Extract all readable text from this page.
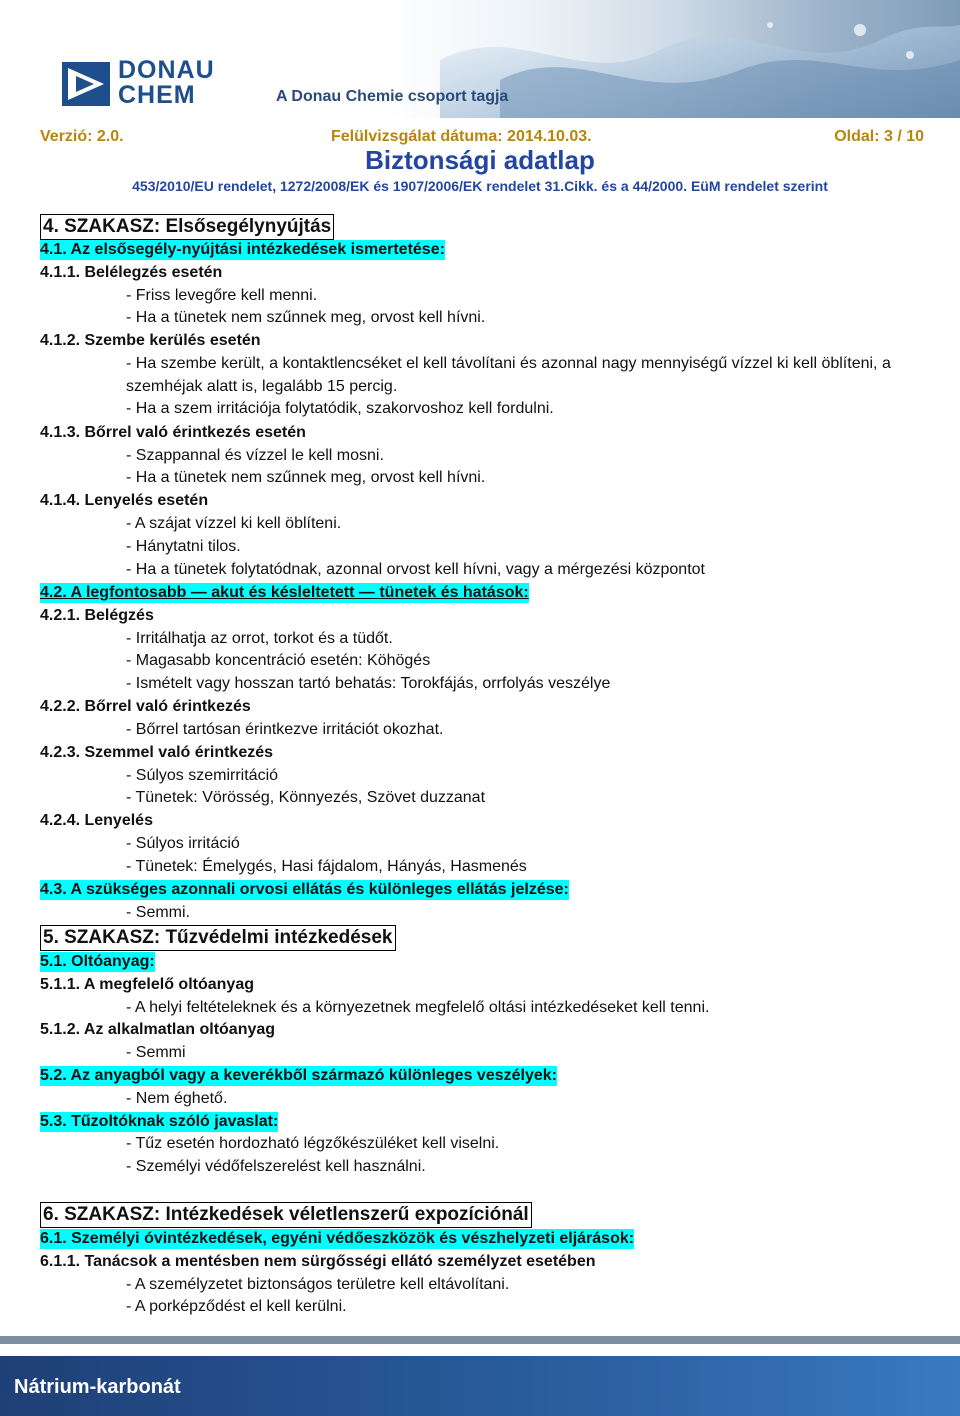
DONAU
CHEM	A Donau Chemie csoport tagja
Verzió: 2.0.	Felülvizsgálat dátuma: 2014.10.03.	Oldal: 3 / 10
Biztonsági adatlap
453/2010/EU rendelet, 1272/2008/EK és 1907/2006/EK rendelet 31.Cikk. és a 44/2000. EüM rendelet szerint
4. SZAKASZ: Elsősegélynyújtás
4.1. Az elsősegély-nyújtási intézkedések ismertetése:
4.1.1. Belélegzés esetén
- Friss levegőre kell menni.
- Ha a tünetek nem szűnnek meg, orvost kell hívni.
4.1.2. Szembe kerülés esetén
- Ha szembe került, a kontaktlencséket el kell távolítani és azonnal nagy mennyiségű vízzel ki kell öblíteni, a
szemhéjak alatt is, legalább 15 percig.
- Ha a szem irritációja folytatódik, szakorvoshoz kell fordulni.
4.1.3. Bőrrel való érintkezés esetén
- Szappannal és vízzel le kell mosni.
- Ha a tünetek nem szűnnek meg, orvost kell hívni.
4.1.4. Lenyelés esetén
- A szájat vízzel ki kell öblíteni.
- Hánytatni tilos.
- Ha a tünetek folytatódnak, azonnal orvost kell hívni, vagy a mérgezési központot
4.2. A legfontosabb — akut és késleltetett — tünetek és hatások:
4.2.1. Belégzés
- Irritálhatja az orrot, torkot és a tüdőt.
- Magasabb koncentráció esetén: Köhögés
- Ismételt vagy hosszan tartó behatás: Torokfájás, orrfolyás veszélye
4.2.2. Bőrrel való érintkezés
- Bőrrel tartósan érintkezve irritációt okozhat.
4.2.3. Szemmel való érintkezés
- Súlyos szemirritáció
- Tünetek: Vörösség, Könnyezés, Szövet duzzanat
4.2.4. Lenyelés
- Súlyos irritáció
- Tünetek: Émelygés, Hasi fájdalom, Hányás, Hasmenés
4.3. A szükséges azonnali orvosi ellátás és különleges ellátás jelzése:
- Semmi.
5. SZAKASZ: Tűzvédelmi intézkedések
5.1. Oltóanyag:
5.1.1. A megfelelő oltóanyag
- A helyi feltételeknek és a környezetnek megfelelő oltási intézkedéseket kell tenni.
5.1.2. Az alkalmatlan oltóanyag
- Semmi
5.2. Az anyagból vagy a keverékből származó különleges veszélyek:
- Nem éghető.
5.3. Tűzoltóknak szóló javaslat:
- Tűz esetén hordozható légzőkészüléket kell viselni.
- Személyi védőfelszerelést kell használni.
6. SZAKASZ: Intézkedések véletlenszerű expozíciónál
6.1. Személyi óvintézkedések, egyéni védőeszközök és vészhelyzeti eljárások:
6.1.1. Tanácsok a mentésben nem sürgősségi ellátó személyzet esetében
- A személyzetet biztonságos területre kell eltávolítani.
- A porképződést el kell kerülni.
Nátrium-karbonát
